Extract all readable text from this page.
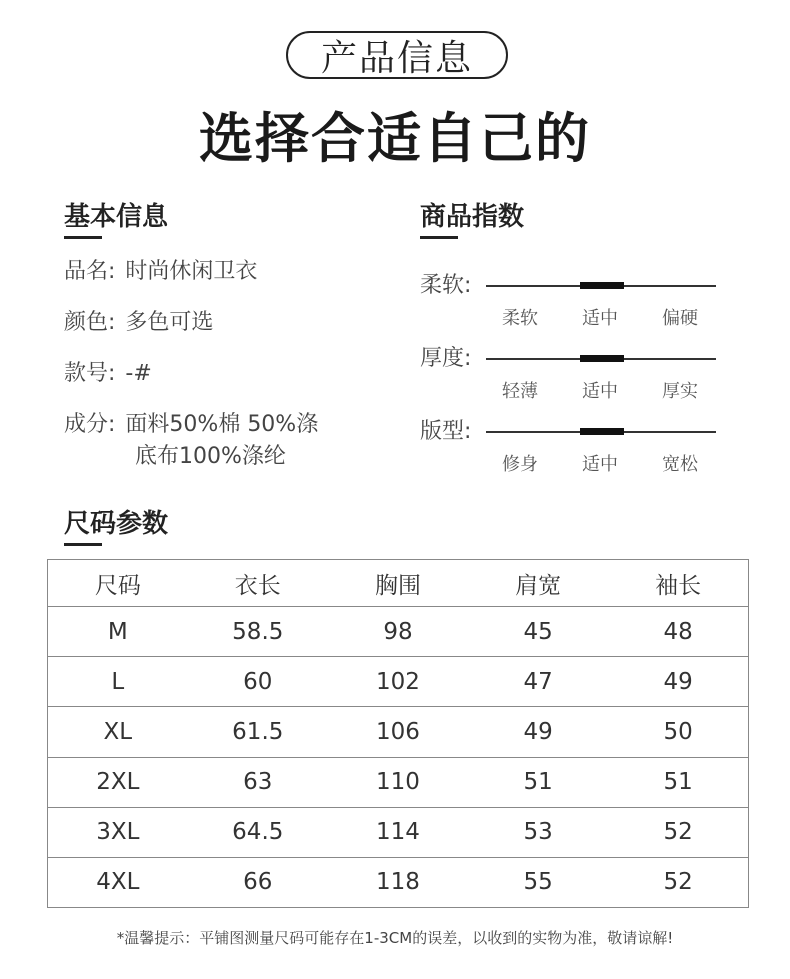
产品信息
选择合适自己的
基本信息
品名: 时尚休闲卫衣
颜色: 多色可选
款号: -#
成分: 面料50%棉 50%涤
底布100%涤纶
商品指数
柔软:
柔软 适中 偏硬
厚度:
轻薄 适中 厚实
版型:
修身 适中 宽松
尺码参数
尺码	衣长	胸围	肩宽	袖长
M	58.5	98	45	48
L	60	102	47	49
XL	61.5	106	49	50
2XL	63	110	51	51
3XL	64.5	114	53	52
4XL	66	118	55	52
*温馨提示：平铺图测量尺码可能存在1-3CM的误差，以收到的实物为准，敬请谅解!
